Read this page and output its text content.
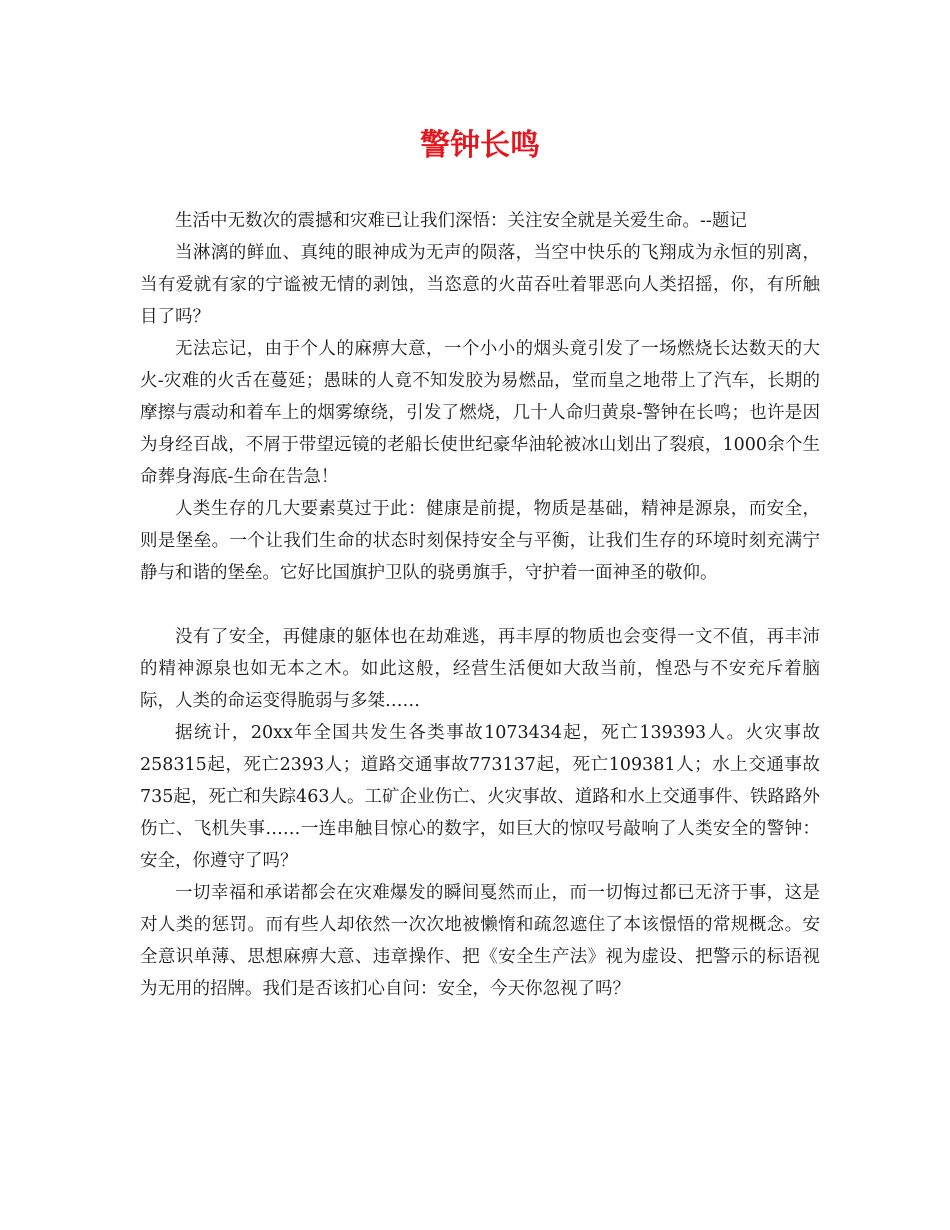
警钟长鸣

生活中无数次的震撼和灾难已让我们深悟：关注安全就是关爱生命。--题记

当淋漓的鲜血、真纯的眼神成为无声的陨落，当空中快乐的飞翔成为永恒的别离，当有爱就有家的宁谧被无情的剥蚀，当恣意的火苗吞吐着罪恶向人类招摇，你，有所触目了吗？

无法忘记，由于个人的麻痹大意，一个小小的烟头竟引发了一场燃烧长达数天的大火-灾难的火舌在蔓延；愚昧的人竟不知发胶为易燃品，堂而皇之地带上了汽车，长期的摩擦与震动和着车上的烟雾缭绕，引发了燃烧，几十人命归黄泉-警钟在长鸣；也许是因为身经百战，不屑于带望远镜的老船长使世纪豪华油轮被冰山划出了裂痕，1000余个生命葬身海底-生命在告急！

人类生存的几大要素莫过于此：健康是前提，物质是基础，精神是源泉，而安全，则是堡垒。一个让我们生命的状态时刻保持安全与平衡，让我们生存的环境时刻充满宁静与和谐的堡垒。它好比国旗护卫队的骁勇旗手，守护着一面神圣的敬仰。

没有了安全，再健康的躯体也在劫难逃，再丰厚的物质也会变得一文不值，再丰沛的精神源泉也如无本之木。如此这般，经营生活便如大敌当前，惶恐与不安充斥着脑际，人类的命运变得脆弱与多桀……

据统计，20xx年全国共发生各类事故1073434起，死亡139393人。火灾事故258315起，死亡2393人；道路交通事故773137起，死亡109381人；水上交通事故735起，死亡和失踪463人。工矿企业伤亡、火灾事故、道路和水上交通事件、铁路路外伤亡、飞机失事……一连串触目惊心的数字，如巨大的惊叹号敲响了人类安全的警钟：安全，你遵守了吗？

一切幸福和承诺都会在灾难爆发的瞬间戛然而止，而一切悔过都已无济于事，这是对人类的惩罚。而有些人却依然一次次地被懒惰和疏忽遮住了本该憬悟的常规概念。安全意识单薄、思想麻痹大意、违章操作、把《安全生产法》视为虚设、把警示的标语视为无用的招牌。我们是否该扪心自问：安全，今天你忽视了吗？
